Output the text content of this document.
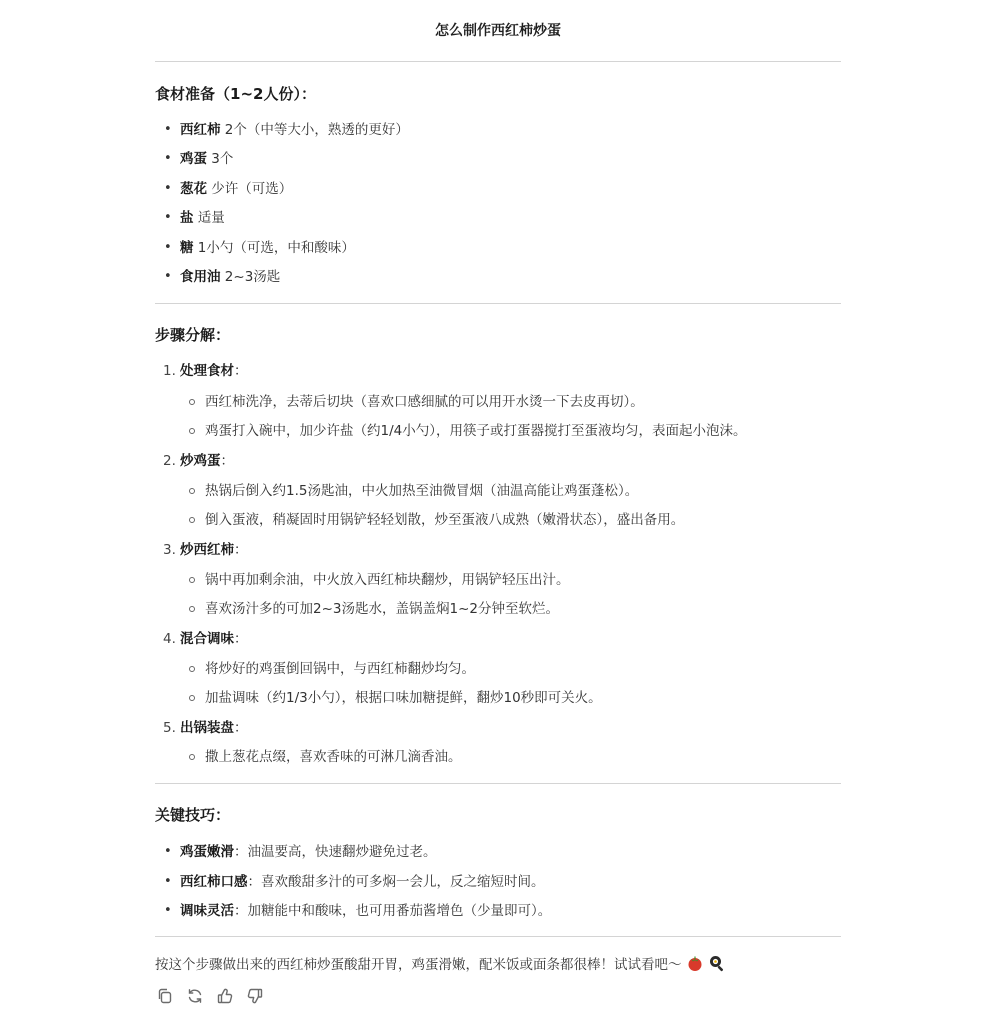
怎么制作西红柿炒蛋
食材准备（1~2人份）：
• 西红柿 2个（中等大小，熟透的更好）
• 鸡蛋 3个
• 葱花 少许（可选）
• 盐 适量
• 糖 1小勺（可选，中和酸味）
• 食用油 2~3汤匙
步骤分解：
1. 处理食材：
西红柿洗净，去蒂后切块（喜欢口感细腻的可以用开水烫一下去皮再切）。
鸡蛋打入碗中，加少许盐（约1/4小勺），用筷子或打蛋器搅打至蛋液均匀，表面起小泡沫。
2. 炒鸡蛋：
热锅后倒入约1.5汤匙油，中火加热至油微冒烟（油温高能让鸡蛋蓬松）。
倒入蛋液，稍凝固时用锅铲轻轻划散，炒至蛋液八成熟（嫩滑状态），盛出备用。
3. 炒西红柿：
锅中再加剩余油，中火放入西红柿块翻炒，用锅铲轻压出汁。
喜欢汤汁多的可加2~3汤匙水，盖锅盖焖1~2分钟至软烂。
4. 混合调味：
将炒好的鸡蛋倒回锅中，与西红柿翻炒均匀。
加盐调味（约1/3小勺），根据口味加糖提鲜，翻炒10秒即可关火。
5. 出锅装盘：
撒上葱花点缀，喜欢香味的可淋几滴香油。
关键技巧：
• 鸡蛋嫩滑：油温要高，快速翻炒避免过老。
• 西红柿口感：喜欢酸甜多汁的可多焖一会儿，反之缩短时间。
• 调味灵活：加糖能中和酸味，也可用番茄酱增色（少量即可）。
按这个步骤做出来的西红柿炒蛋酸甜开胃，鸡蛋滑嫩，配米饭或面条都很棒！试试看吧～
